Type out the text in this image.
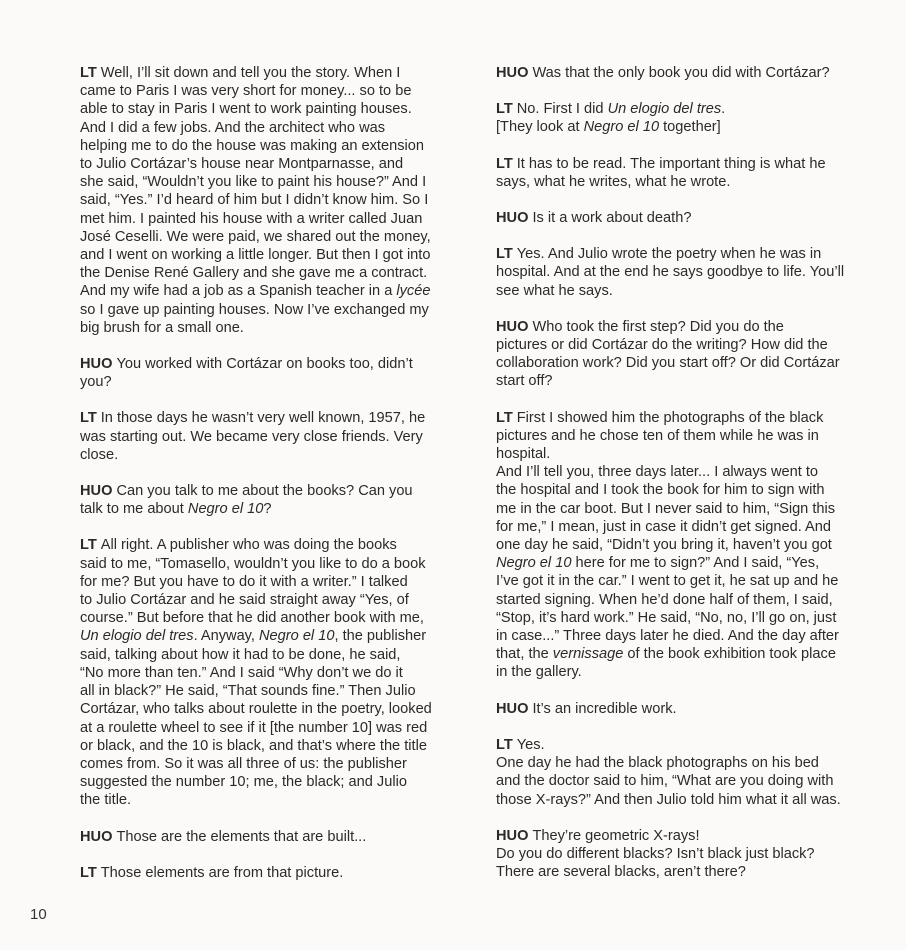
LT Well, I’ll sit down and tell you the story. When I
came to Paris I was very short for money... so to be
able to stay in Paris I went to work painting houses.
And I did a few jobs. And the architect who was
helping me to do the house was making an extension
to Julio Cortázar’s house near Montparnasse, and
she said, “Wouldn’t you like to paint his house?” And I
said, “Yes.” I’d heard of him but I didn’t know him. So I
met him. I painted his house with a writer called Juan
José Ceselli. We were paid, we shared out the money,
and I went on working a little longer. But then I got into
the Denise René Gallery and she gave me a contract.
And my wife had a job as a Spanish teacher in a lycée
so I gave up painting houses. Now I’ve exchanged my
big brush for a small one.
HUO You worked with Cortázar on books too, didn’t
you?
LT In those days he wasn’t very well known, 1957, he
was starting out. We became very close friends. Very
close.
HUO Can you talk to me about the books? Can you
talk to me about Negro el 10?
LT All right. A publisher who was doing the books
said to me, “Tomasello, wouldn’t you like to do a book
for me? But you have to do it with a writer.” I talked
to Julio Cortázar and he said straight away “Yes, of
course.” But before that he did another book with me,
Un elogio del tres. Anyway, Negro el 10, the publisher
said, talking about how it had to be done, he said,
“No more than ten.” And I said “Why don’t we do it
all in black?” He said, “That sounds fine.” Then Julio
Cortázar, who talks about roulette in the poetry, looked
at a roulette wheel to see if it [the number 10] was red
or black, and the 10 is black, and that’s where the title
comes from. So it was all three of us: the publisher
suggested the number 10; me, the black; and Julio
the title.
HUO Those are the elements that are built...
LT Those elements are from that picture.
HUO Was that the only book you did with Cortázar?
LT No. First I did Un elogio del tres.
[They look at Negro el 10 together]
LT It has to be read. The important thing is what he
says, what he writes, what he wrote.
HUO Is it a work about death?
LT Yes. And Julio wrote the poetry when he was in
hospital. And at the end he says goodbye to life. You’ll
see what he says.
HUO Who took the first step? Did you do the
pictures or did Cortázar do the writing? How did the
collaboration work? Did you start off? Or did Cortázar
start off?
LT First I showed him the photographs of the black
pictures and he chose ten of them while he was in
hospital.
And I’ll tell you, three days later... I always went to
the hospital and I took the book for him to sign with
me in the car boot. But I never said to him, “Sign this
for me,” I mean, just in case it didn’t get signed. And
one day he said, “Didn’t you bring it, haven’t you got
Negro el 10 here for me to sign?” And I said, “Yes,
I’ve got it in the car.” I went to get it, he sat up and he
started signing. When he’d done half of them, I said,
“Stop, it’s hard work.” He said, “No, no, I’ll go on, just
in case...” Three days later he died. And the day after
that, the vernissage of the book exhibition took place
in the gallery.
HUO It’s an incredible work.
LT Yes.
One day he had the black photographs on his bed
and the doctor said to him, “What are you doing with
those X-rays?” And then Julio told him what it all was.
HUO They’re geometric X-rays!
Do you do different blacks? Isn’t black just black?
There are several blacks, aren’t there?
10
